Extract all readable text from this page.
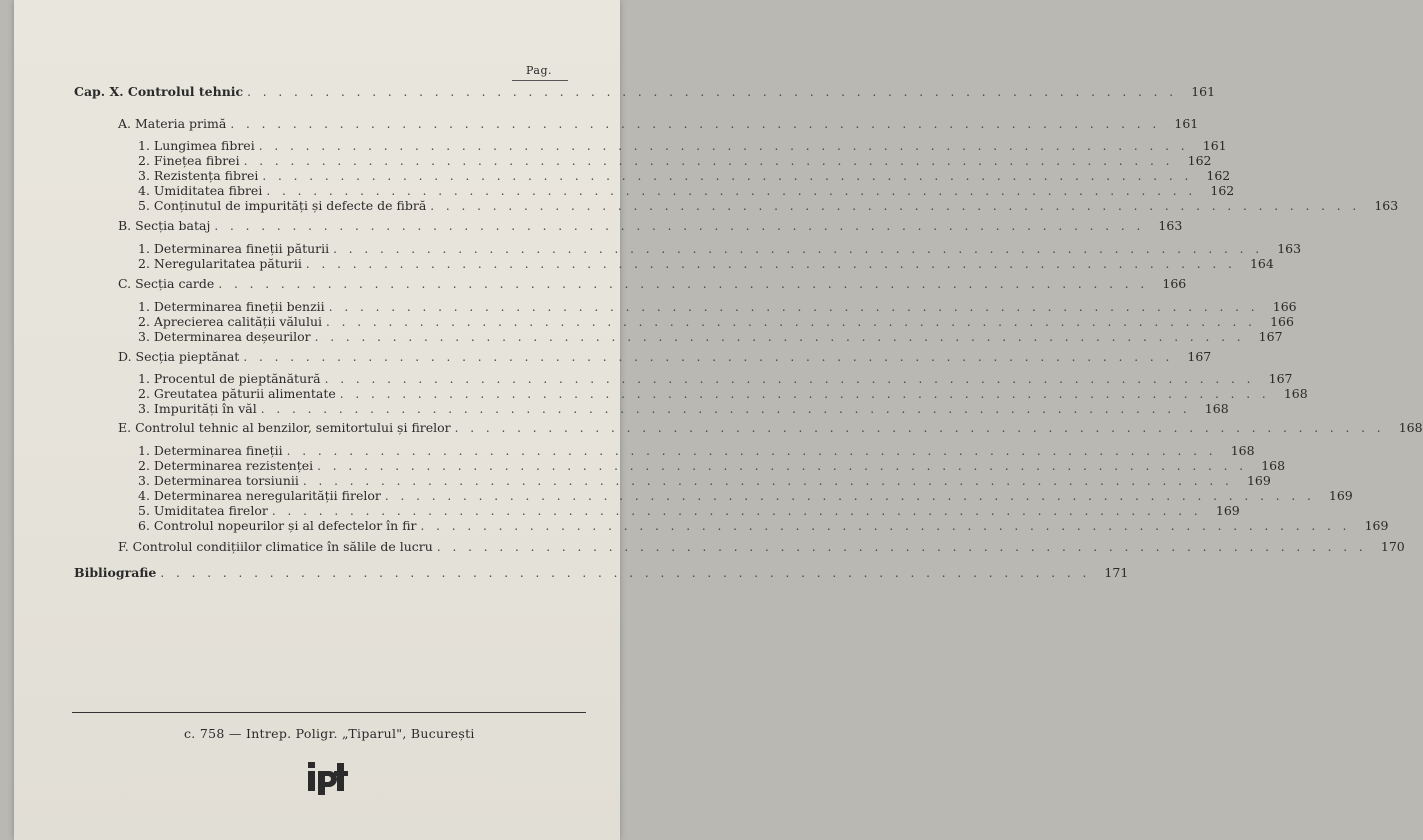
Pag.
Cap. X. Controlul tehnic . . . . . . . . . . . . . . . . . . . . . . . . . . . . . . . . . . . . . . . . . . . . . . . . . . . . . . . . . . . .	161
A. Materia primă . . . . . . . . . . . . . . . . . . . . . . . . . . . . . . . . . . . . . . . . . . . . . . . . . . . . . . . . . . . .	161
1. Lungimea fibrei . . . . . . . . . . . . . . . . . . . . . . . . . . . . . . . . . . . . . . . . . . . . . . . . . . . . . . . . . . . .	161
2. Finețea fibrei . . . . . . . . . . . . . . . . . . . . . . . . . . . . . . . . . . . . . . . . . . . . . . . . . . . . . . . . . . . .	162
3. Rezistența fibrei . . . . . . . . . . . . . . . . . . . . . . . . . . . . . . . . . . . . . . . . . . . . . . . . . . . . . . . . . . . .	162
4. Umiditatea fibrei . . . . . . . . . . . . . . . . . . . . . . . . . . . . . . . . . . . . . . . . . . . . . . . . . . . . . . . . . . . .	162
5. Conținutul de impurități și defecte de fibră . . . . . . . . . . . . . . . . . . . . . . . . . . . . . . . . . . . . . . . . . . . . . . . . . . . . . . . . . . . .	163
B. Secția bataj . . . . . . . . . . . . . . . . . . . . . . . . . . . . . . . . . . . . . . . . . . . . . . . . . . . . . . . . . . . .	163
1. Determinarea fineții păturii . . . . . . . . . . . . . . . . . . . . . . . . . . . . . . . . . . . . . . . . . . . . . . . . . . . . . . . . . . . .	163
2. Neregularitatea păturii . . . . . . . . . . . . . . . . . . . . . . . . . . . . . . . . . . . . . . . . . . . . . . . . . . . . . . . . . . . .	164
C. Secția carde . . . . . . . . . . . . . . . . . . . . . . . . . . . . . . . . . . . . . . . . . . . . . . . . . . . . . . . . . . . .	166
1. Determinarea fineții benzii . . . . . . . . . . . . . . . . . . . . . . . . . . . . . . . . . . . . . . . . . . . . . . . . . . . . . . . . . . . .	166
2. Aprecierea calității vălului . . . . . . . . . . . . . . . . . . . . . . . . . . . . . . . . . . . . . . . . . . . . . . . . . . . . . . . . . . . .	166
3. Determinarea deșeurilor . . . . . . . . . . . . . . . . . . . . . . . . . . . . . . . . . . . . . . . . . . . . . . . . . . . . . . . . . . . .	167
D. Secția pieptănat . . . . . . . . . . . . . . . . . . . . . . . . . . . . . . . . . . . . . . . . . . . . . . . . . . . . . . . . . . . .	167
1. Procentul de pieptănătură . . . . . . . . . . . . . . . . . . . . . . . . . . . . . . . . . . . . . . . . . . . . . . . . . . . . . . . . . . . .	167
2. Greutatea păturii alimentate . . . . . . . . . . . . . . . . . . . . . . . . . . . . . . . . . . . . . . . . . . . . . . . . . . . . . . . . . . . .	168
3. Impurități în văl . . . . . . . . . . . . . . . . . . . . . . . . . . . . . . . . . . . . . . . . . . . . . . . . . . . . . . . . . . . .	168
E. Controlul tehnic al benzilor, semitortului și firelor . . . . . . . . . . . . . . . . . . . . . . . . . . . . . . . . . . . . . . . . . . . . . . . . . . . . . . . . . . . .	168
1. Determinarea fineții . . . . . . . . . . . . . . . . . . . . . . . . . . . . . . . . . . . . . . . . . . . . . . . . . . . . . . . . . . . .	168
2. Determinarea rezistenței . . . . . . . . . . . . . . . . . . . . . . . . . . . . . . . . . . . . . . . . . . . . . . . . . . . . . . . . . . . .	168
3. Determinarea torsiunii . . . . . . . . . . . . . . . . . . . . . . . . . . . . . . . . . . . . . . . . . . . . . . . . . . . . . . . . . . . .	169
4. Determinarea neregularității firelor . . . . . . . . . . . . . . . . . . . . . . . . . . . . . . . . . . . . . . . . . . . . . . . . . . . . . . . . . . . .	169
5. Umiditatea firelor . . . . . . . . . . . . . . . . . . . . . . . . . . . . . . . . . . . . . . . . . . . . . . . . . . . . . . . . . . . .	169
6. Controlul nopeurilor și al defectelor în fir . . . . . . . . . . . . . . . . . . . . . . . . . . . . . . . . . . . . . . . . . . . . . . . . . . . . . . . . . . . .	169
F. Controlul condițiilor climatice în sălile de lucru . . . . . . . . . . . . . . . . . . . . . . . . . . . . . . . . . . . . . . . . . . . . . . . . . . . . . . . . . . . .	170
Bibliografie . . . . . . . . . . . . . . . . . . . . . . . . . . . . . . . . . . . . . . . . . . . . . . . . . . . . . . . . . . . .	171
c. 758 — Intrep. Poligr. „Tiparul", București
